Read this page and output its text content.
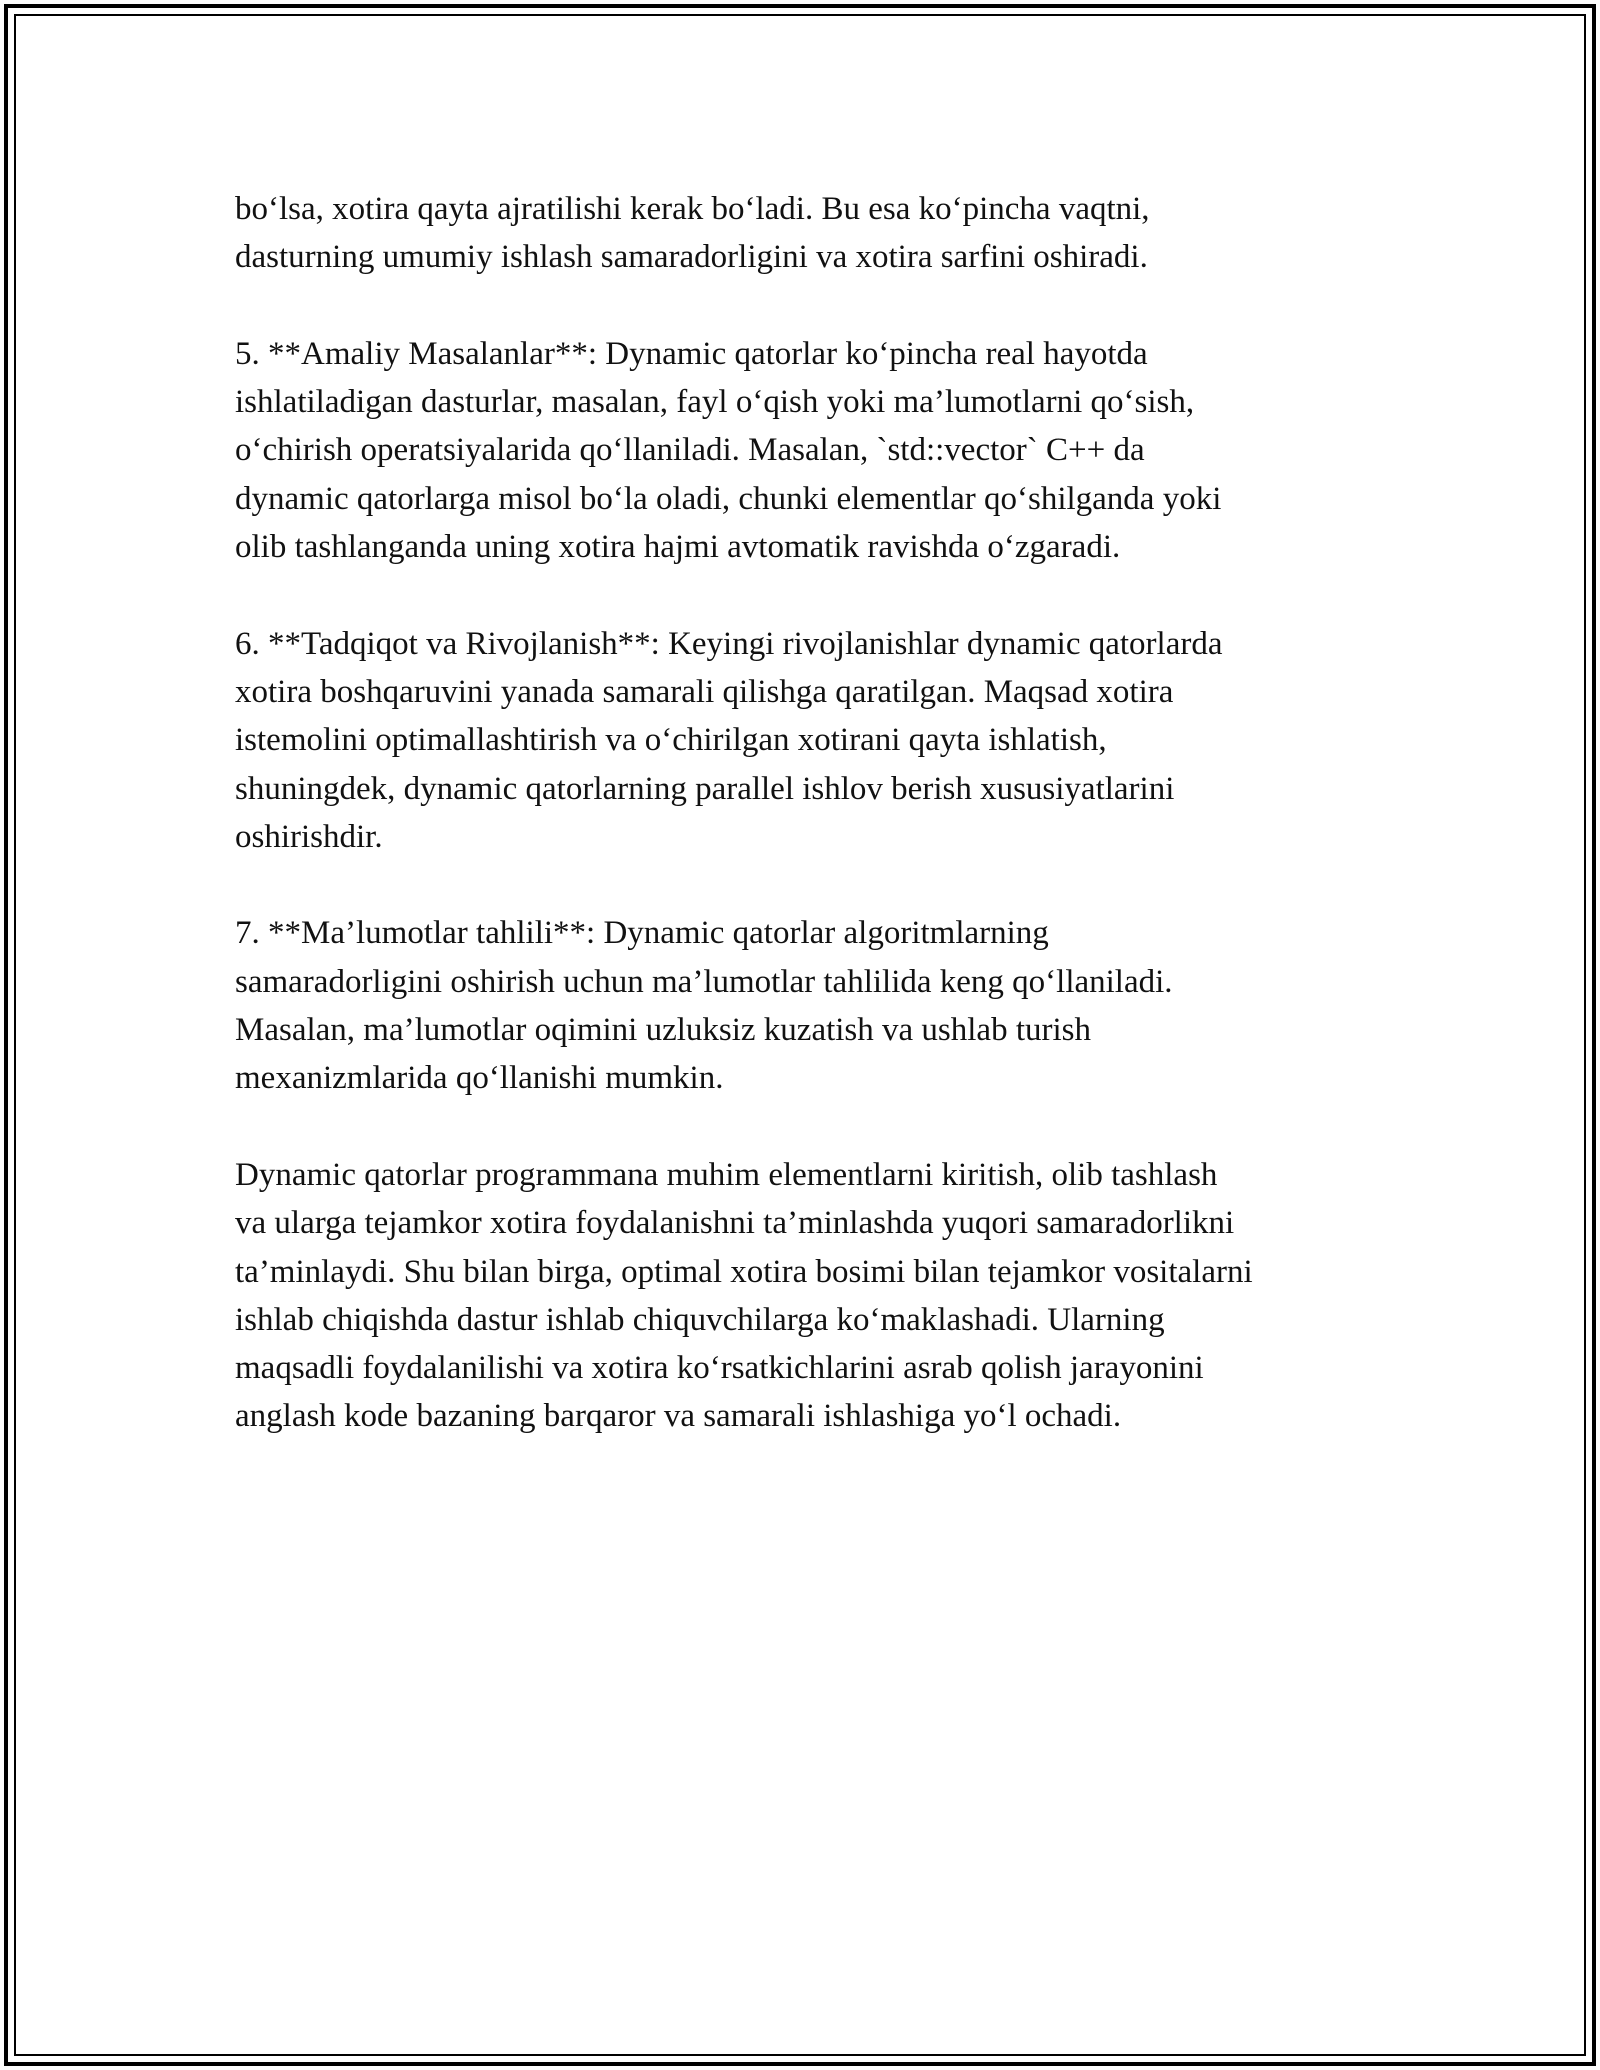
bo‘lsa, xotira qayta ajratilishi kerak bo‘ladi. Bu esa ko‘pincha vaqtni,
dasturning umumiy ishlash samaradorligini va xotira sarfini oshiradi.

5. **Amaliy Masalanlar**: Dynamic qatorlar ko‘pincha real hayotda
ishlatiladigan dasturlar, masalan, fayl o‘qish yoki ma’lumotlarni qo‘sish,
o‘chirish operatsiyalarida qo‘llaniladi. Masalan, `std::vector` C++ da
dynamic qatorlarga misol bo‘la oladi, chunki elementlar qo‘shilganda yoki
olib tashlanganda uning xotira hajmi avtomatik ravishda o‘zgaradi.

6. **Tadqiqot va Rivojlanish**: Keyingi rivojlanishlar dynamic qatorlarda
xotira boshqaruvini yanada samarali qilishga qaratilgan. Maqsad xotira
istemolini optimallashtirish va o‘chirilgan xotirani qayta ishlatish,
shuningdek, dynamic qatorlarning parallel ishlov berish xususiyatlarini
oshirishdir.

7. **Ma’lumotlar tahlili**: Dynamic qatorlar algoritmlarning
samaradorligini oshirish uchun ma’lumotlar tahlilida keng qo‘llaniladi.
Masalan, ma’lumotlar oqimini uzluksiz kuzatish va ushlab turish
mexanizmlarida qo‘llanishi mumkin.

Dynamic qatorlar programmana muhim elementlarni kiritish, olib tashlash
va ularga tejamkor xotira foydalanishni ta’minlashda yuqori samaradorlikni
ta’minlaydi. Shu bilan birga, optimal xotira bosimi bilan tejamkor vositalarni
ishlab chiqishda dastur ishlab chiquvchilarga ko‘maklashadi. Ularning
maqsadli foydalanilishi va xotira ko‘rsatkichlarini asrab qolish jarayonini
anglash kode bazaning barqaror va samarali ishlashiga yo‘l ochadi.
